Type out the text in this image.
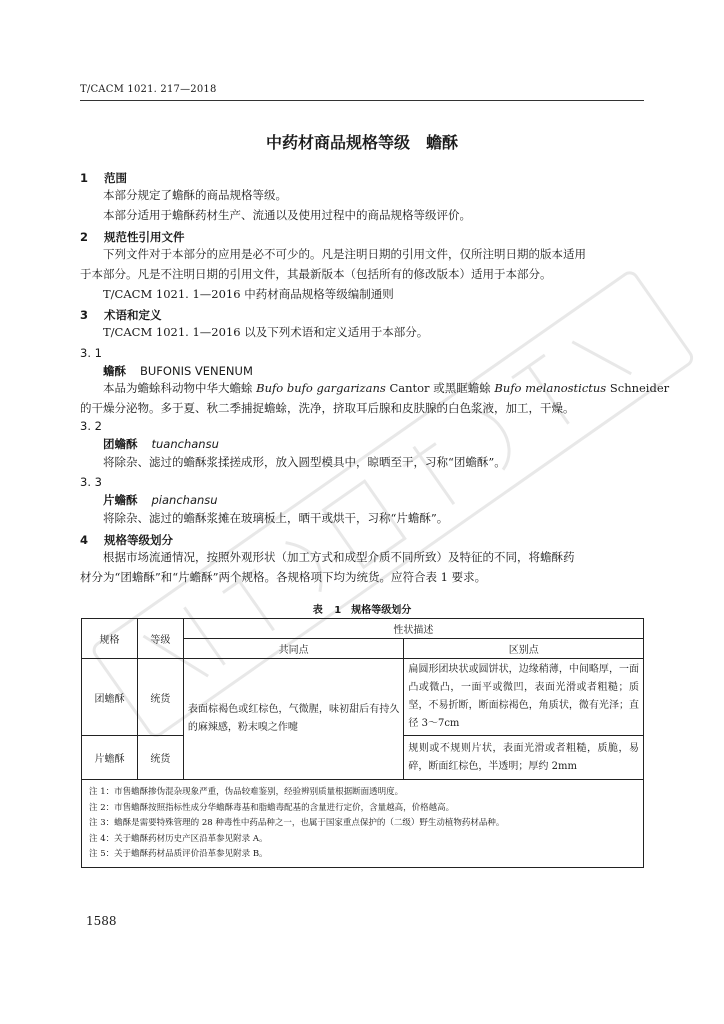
T/CACM 1021. 217—2018
中药材商品规格等级　蟾酥
1 范围
本部分规定了蟾酥的商品规格等级。
本部分适用于蟾酥药材生产、流通以及使用过程中的商品规格等级评价。
2 规范性引用文件
下列文件对于本部分的应用是必不可少的。凡是注明日期的引用文件，仅所注明日期的版本适用
于本部分。凡是不注明日期的引用文件，其最新版本（包括所有的修改版本）适用于本部分。
T/CACM 1021. 1—2016 中药材商品规格等级编制通则
3 术语和定义
T/CACM 1021. 1—2016 以及下列术语和定义适用于本部分。
3. 1
蟾酥 BUFONIS VENENUM
本品为蟾蜍科动物中华大蟾蜍 Bufo bufo gargarizans Cantor 或黑眶蟾蜍 Bufo melanostictus Schneider
的干燥分泌物。多于夏、秋二季捕捉蟾蜍，洗净，挤取耳后腺和皮肤腺的白色浆液，加工，干燥。
3. 2
团蟾酥 tuanchansu
将除杂、滤过的蟾酥浆揉搓成形，放入圆型模具中，晾晒至干，习称“团蟾酥”。
3. 3
片蟾酥 pianchansu
将除杂、滤过的蟾酥浆摊在玻璃板上，晒干或烘干，习称“片蟾酥”。
4 规格等级划分
根据市场流通情况，按照外观形状（加工方式和成型介质不同所致）及特征的不同，将蟾酥药
材分为“团蟾酥”和“片蟾酥”两个规格。各规格项下均为统货。应符合表 1 要求。
表 1　规格等级划分
规格	等级	性状描述	
		共同点	区别点
团蟾酥	统货	表面棕褐色或红棕色，气微腥，味初甜后有持久的麻辣感，粉末嗅之作嚏	扁圆形团块状或圆饼状，边缘稍薄，中间略厚，一面凸或微凸，一面平或微凹，表面光滑或者粗糙；质坚，不易折断，断面棕褐色，角质状，微有光泽；直径 3～7cm
片蟾酥	统货		规则或不规则片状，表面光滑或者粗糙，质脆，易碎，断面红棕色，半透明；厚约 2mm
注 1：市售蟾酥掺伪混杂现象严重，伪品较难鉴别，经验辨别质量根据断面透明度。
注 2：市售蟾酥按照指标性成分华蟾酥毒基和脂蟾毒配基的含量进行定价，含量越高，价格越高。
注 3：蟾酥是需要特殊管理的 28 种毒性中药品种之一，也属于国家重点保护的（二级）野生动植物药材品种。
注 4：关于蟾酥药材历史产区沿革参见附录 A。
注 5：关于蟾酥药材品质评价沿革参见附录 B。
1588
